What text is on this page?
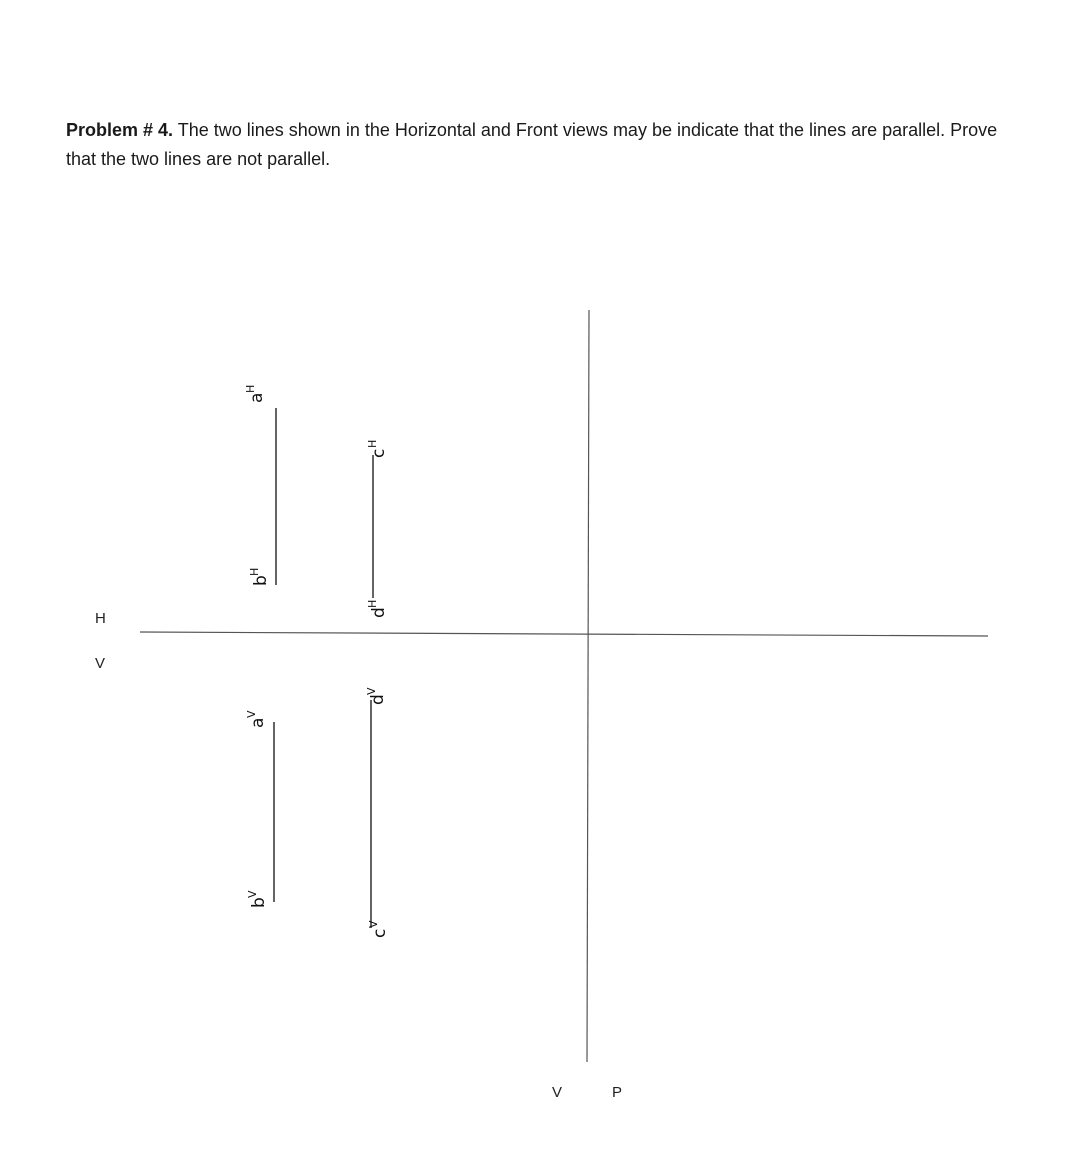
Problem # 4. The two lines shown in the Horizontal and Front views may be indicate that the lines are parallel. Prove that the two lines are not parallel.
H
V
V	P
a
H
b
H
c
H
d
H
a
V
b
V
d
V
c
V
